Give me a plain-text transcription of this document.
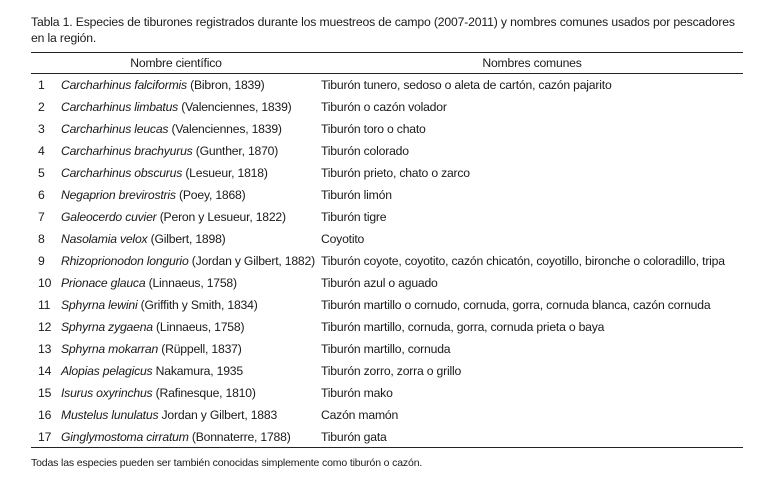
Tabla 1. Especies de tiburones registrados durante los muestreos de campo (2007-2011) y nombres comunes usados por pescadores en la región.
Nombre científico		Nombres comunes
1	Carcharhinus falciformis (Bibron, 1839)	Tiburón tunero, sedoso o aleta de cartón, cazón pajarito
2	Carcharhinus limbatus (Valenciennes, 1839)	Tiburón o cazón volador
3	Carcharhinus leucas (Valenciennes, 1839)	Tiburón toro o chato
4	Carcharhinus brachyurus (Gunther, 1870)	Tiburón colorado
5	Carcharhinus obscurus (Lesueur, 1818)	Tiburón prieto, chato o zarco
6	Negaprion brevirostris (Poey, 1868)	Tiburón limón
7	Galeocerdo cuvier (Peron y Lesueur, 1822)	Tiburón tigre
8	Nasolamia velox (Gilbert, 1898)	Coyotito
9	Rhizoprionodon longurio (Jordan y Gilbert, 1882)	Tiburón coyote, coyotito, cazón chicatón, coyotillo, bironche o coloradillo, tripa
10	Prionace glauca (Linnaeus, 1758)	Tiburón azul o aguado
11	Sphyrna lewini (Griffith y Smith, 1834)	Tiburón martillo o cornudo, cornuda, gorra, cornuda blanca, cazón cornuda
12	Sphyrna zygaena (Linnaeus, 1758)	Tiburón martillo, cornuda, gorra, cornuda prieta o baya
13	Sphyrna mokarran (Rüppell, 1837)	Tiburón martillo, cornuda
14	Alopias pelagicus Nakamura, 1935	Tiburón zorro, zorra o grillo
15	Isurus oxyrinchus (Rafinesque, 1810)	Tiburón mako
16	Mustelus lunulatus Jordan y Gilbert, 1883	Cazón mamón
17	Ginglymostoma cirratum (Bonnaterre, 1788)	Tiburón gata
Todas las especies pueden ser también conocidas simplemente como tiburón o cazón.
